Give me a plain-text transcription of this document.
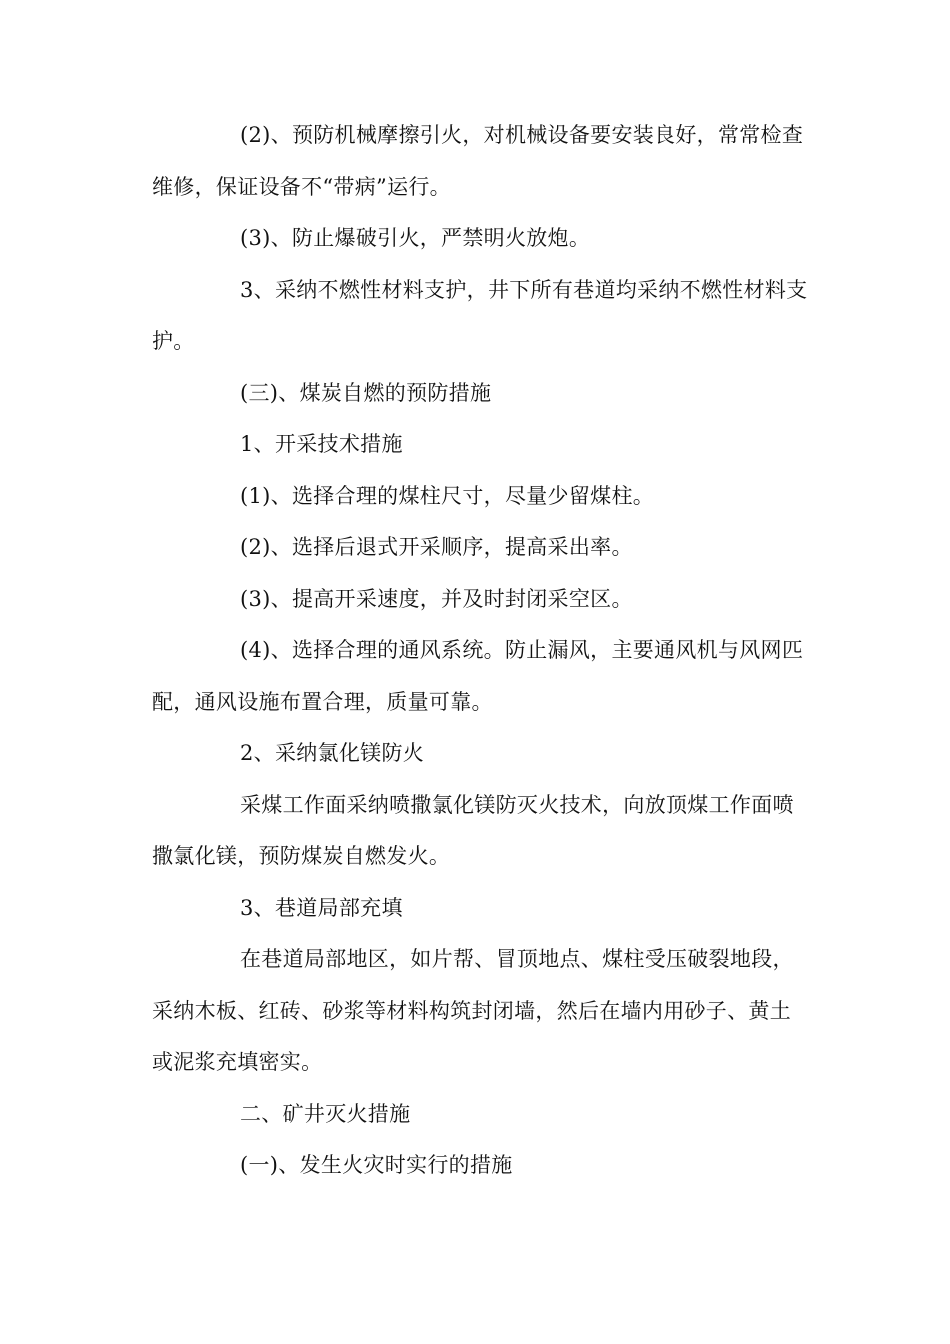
(2)、预防机械摩擦引火，对机械设备要安装良好，常常检查维修，保证设备不“带病”运行。

(3)、防止爆破引火，严禁明火放炮。

3、采纳不燃性材料支护，井下所有巷道均采纳不燃性材料支护。

(三)、煤炭自燃的预防措施

1、开采技术措施

(1)、选择合理的煤柱尺寸，尽量少留煤柱。

(2)、选择后退式开采顺序，提高采出率。

(3)、提高开采速度，并及时封闭采空区。

(4)、选择合理的通风系统。防止漏风，主要通风机与风网匹配，通风设施布置合理，质量可靠。

2、采纳氯化镁防火

采煤工作面采纳喷撒氯化镁防灭火技术，向放顶煤工作面喷撒氯化镁，预防煤炭自燃发火。

3、巷道局部充填

在巷道局部地区，如片帮、冒顶地点、煤柱受压破裂地段，采纳木板、红砖、砂浆等材料构筑封闭墙，然后在墙内用砂子、黄土或泥浆充填密实。

二、矿井灭火措施

(一)、发生火灾时实行的措施
